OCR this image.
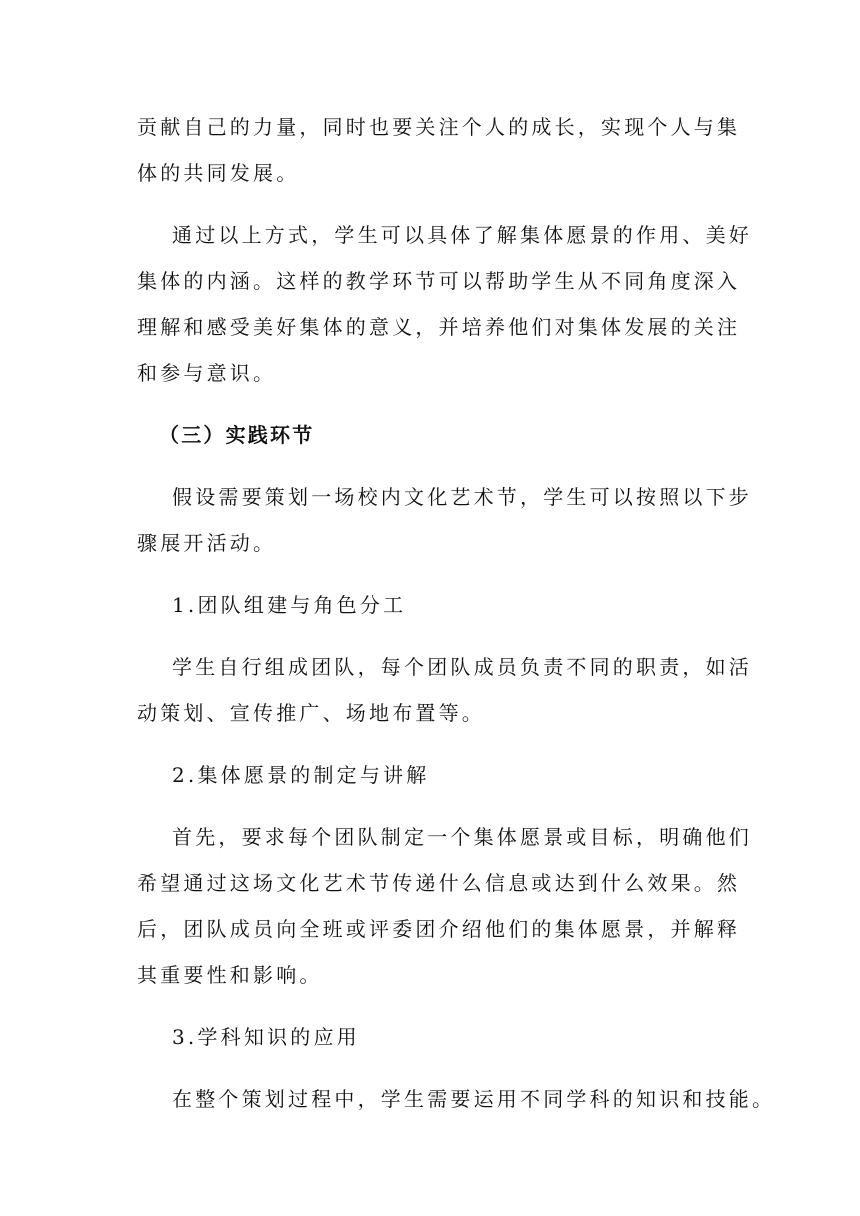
贡献自己的力量，同时也要关注个人的成长，实现个人与集

体的共同发展。

通过以上方式，学生可以具体了解集体愿景的作用、美好

集体的内涵。这样的教学环节可以帮助学生从不同角度深入

理解和感受美好集体的意义，并培养他们对集体发展的关注

和参与意识。

（三）实践环节

假设需要策划一场校内文化艺术节，学生可以按照以下步

骤展开活动。

1.团队组建与角色分工

学生自行组成团队，每个团队成员负责不同的职责，如活

动策划、宣传推广、场地布置等。

2.集体愿景的制定与讲解

首先，要求每个团队制定一个集体愿景或目标，明确他们

希望通过这场文化艺术节传递什么信息或达到什么效果。然

后，团队成员向全班或评委团介绍他们的集体愿景，并解释

其重要性和影响。

3.学科知识的应用

在整个策划过程中，学生需要运用不同学科的知识和技能。
